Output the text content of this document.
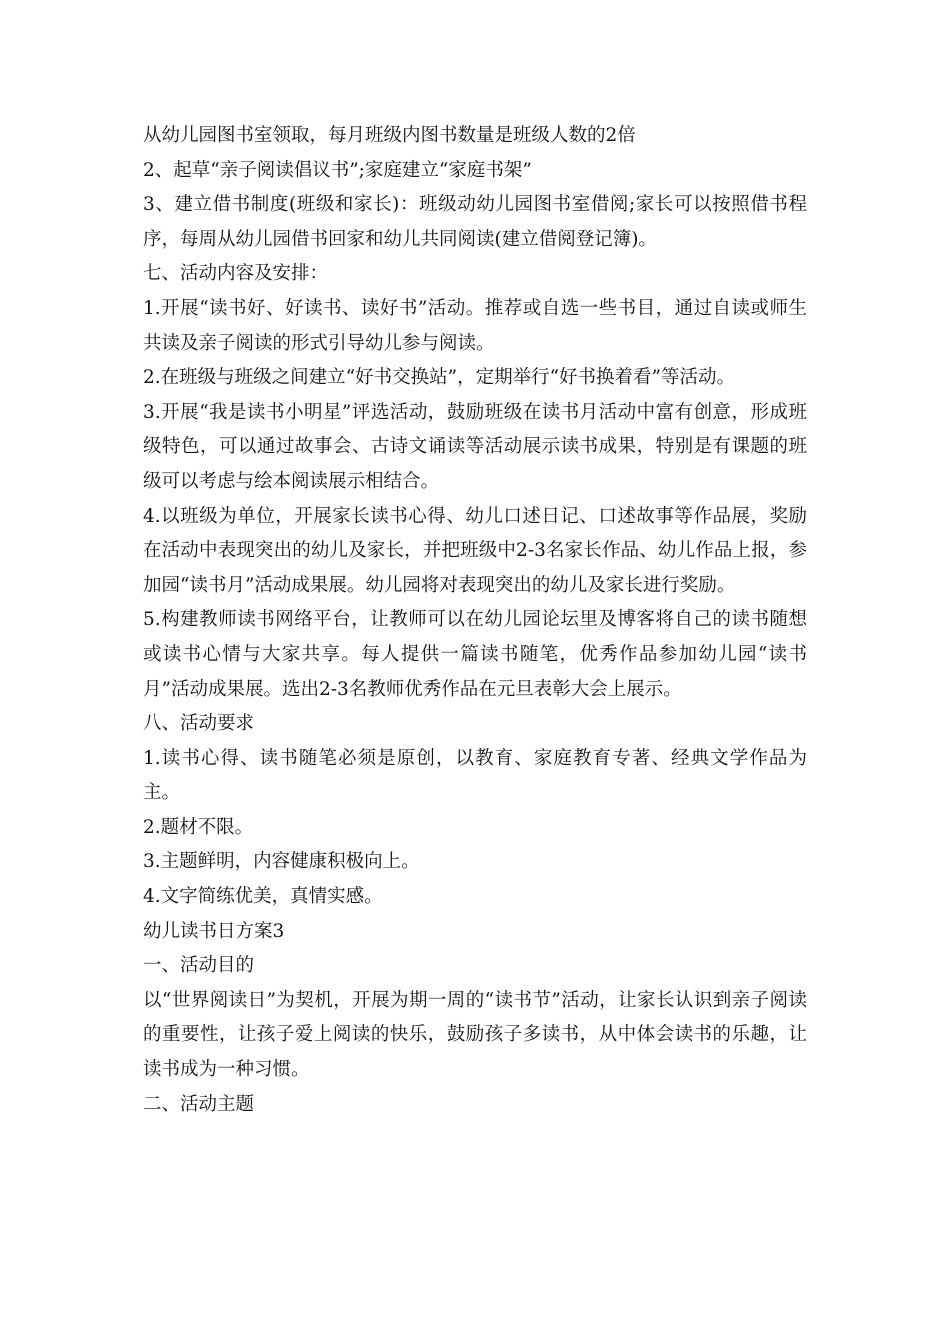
从幼儿园图书室领取，每月班级内图书数量是班级人数的2倍

2、起草“亲子阅读倡议书”;家庭建立“家庭书架”

3、建立借书制度(班级和家长)：班级动幼儿园图书室借阅;家长可以按照借书程序，每周从幼儿园借书回家和幼儿共同阅读(建立借阅登记簿)。

七、活动内容及安排：

1.开展“读书好、好读书、读好书”活动。推荐或自选一些书目，通过自读或师生共读及亲子阅读的形式引导幼儿参与阅读。

2.在班级与班级之间建立“好书交换站”，定期举行“好书换着看”等活动。

3.开展“我是读书小明星”评选活动，鼓励班级在读书月活动中富有创意，形成班级特色，可以通过故事会、古诗文诵读等活动展示读书成果，特别是有课题的班级可以考虑与绘本阅读展示相结合。

4.以班级为单位，开展家长读书心得、幼儿口述日记、口述故事等作品展，奖励在活动中表现突出的幼儿及家长，并把班级中2-3名家长作品、幼儿作品上报，参加园“读书月”活动成果展。幼儿园将对表现突出的幼儿及家长进行奖励。

5.构建教师读书网络平台，让教师可以在幼儿园论坛里及博客将自己的读书随想或读书心情与大家共享。每人提供一篇读书随笔，优秀作品参加幼儿园“读书月”活动成果展。选出2-3名教师优秀作品在元旦表彰大会上展示。

八、活动要求

1.读书心得、读书随笔必须是原创，以教育、家庭教育专著、经典文学作品为主。

2.题材不限。

3.主题鲜明，内容健康积极向上。

4.文字简练优美，真情实感。

幼儿读书日方案3

一、活动目的

以“世界阅读日”为契机，开展为期一周的“读书节”活动，让家长认识到亲子阅读的重要性，让孩子爱上阅读的快乐，鼓励孩子多读书，从中体会读书的乐趣，让读书成为一种习惯。

二、活动主题
